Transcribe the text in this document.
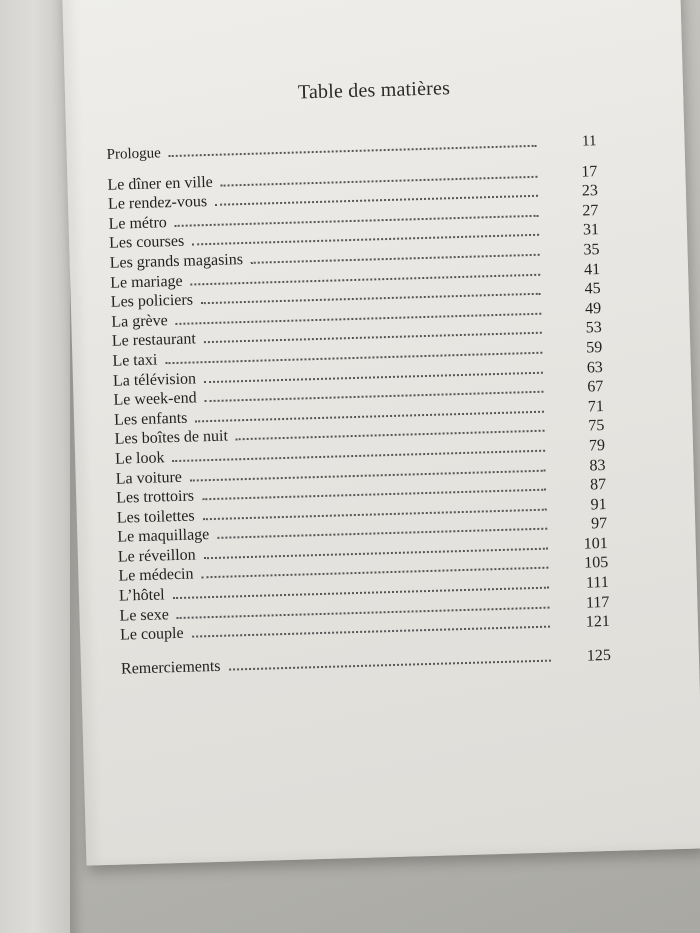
Table des matières
Prologue
11
Le dîner en ville
17
Le rendez-vous
23
Le métro
27
Les courses
31
Les grands magasins
35
Le mariage
41
Les policiers
45
La grève
49
Le restaurant
53
Le taxi
59
La télévision
63
Le week-end
67
Les enfants
71
Les boîtes de nuit
75
Le look
79
La voiture
83
Les trottoirs
87
Les toilettes
91
Le maquillage
97
Le réveillon
101
Le médecin
105
L’hôtel
111
Le sexe
117
Le couple
121
Remerciements
125
